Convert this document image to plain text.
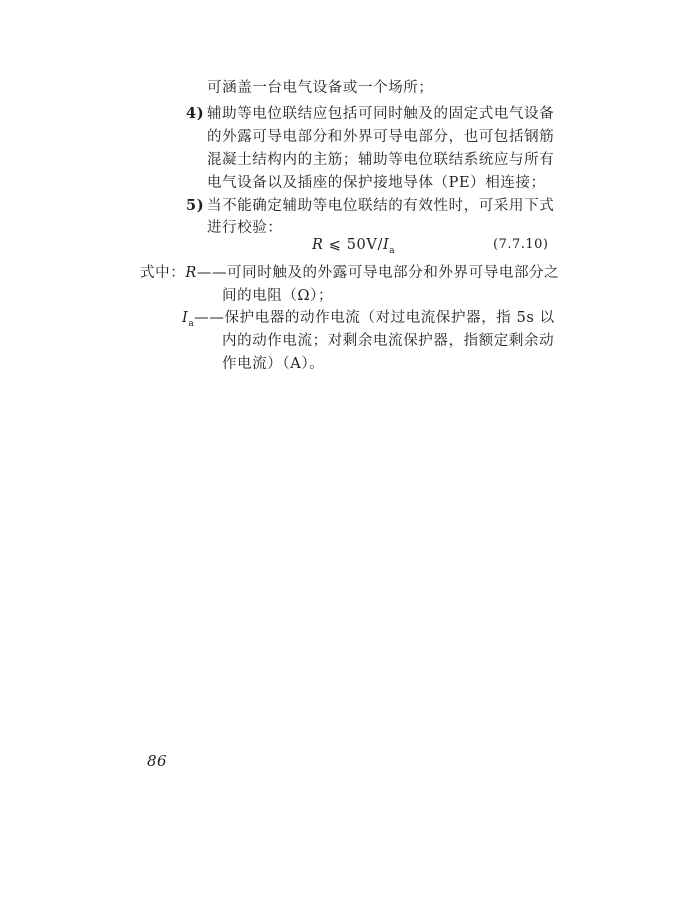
可涵盖一台电气设备或一个场所；
4) 辅助等电位联结应包括可同时触及的固定式电气设备
的外露可导电部分和外界可导电部分，也可包括钢筋
混凝土结构内的主筋；辅助等电位联结系统应与所有
电气设备以及插座的保护接地导体（PE）相连接；
5) 当不能确定辅助等电位联结的有效性时，可采用下式
进行校验：
R ⩽ $50V/I_a$	(7.7.10)
式中：R——可同时触及的外露可导电部分和外界可导电部分之
间的电阻（Ω）；
$I_a——$保护电器的动作电流（对过电流保护器，指 5s 以
内的动作电流；对剩余电流保护器，指额定剩余动
作电流）（A）。
86
